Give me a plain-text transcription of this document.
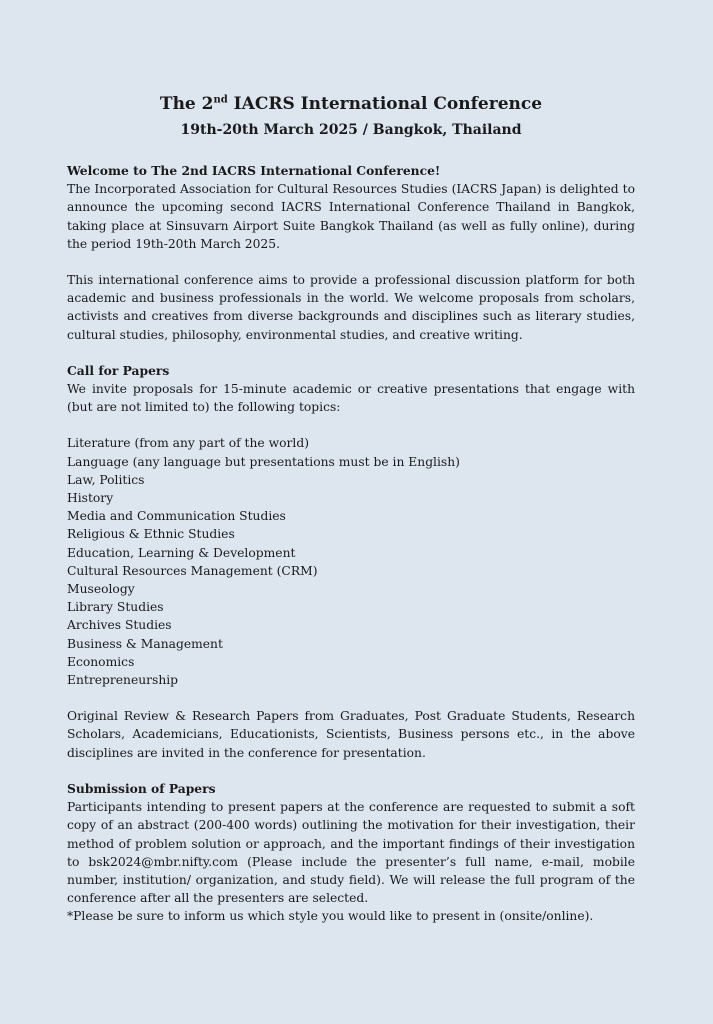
The 2nd IACRS International Conference

19th-20th March 2025 / Bangkok, Thailand

Welcome to The 2nd IACRS International Conference!

The Incorporated Association for Cultural Resources Studies (IACRS Japan) is delighted to announce the upcoming second IACRS International Conference Thailand in Bangkok, taking place at Sinsuvarn Airport Suite Bangkok Thailand (as well as fully online), during the period 19th-20th March 2025.

This international conference aims to provide a professional discussion platform for both academic and business professionals in the world. We welcome proposals from scholars, activists and creatives from diverse backgrounds and disciplines such as literary studies, cultural studies, philosophy, environmental studies, and creative writing.

Call for Papers

We invite proposals for 15-minute academic or creative presentations that engage with (but are not limited to) the following topics:

Literature (from any part of the world)
Language (any language but presentations must be in English)
Law, Politics
History
Media and Communication Studies
Religious & Ethnic Studies
Education, Learning & Development
Cultural Resources Management (CRM)
Museology
Library Studies
Archives Studies
Business & Management
Economics
Entrepreneurship

Original Review & Research Papers from Graduates, Post Graduate Students, Research Scholars, Academicians, Educationists, Scientists, Business persons etc., in the above disciplines are invited in the conference for presentation.

Submission of Papers

Participants intending to present papers at the conference are requested to submit a soft copy of an abstract (200-400 words) outlining the motivation for their investigation, their method of problem solution or approach, and the important findings of their investigation to bsk2024@mbr.nifty.com (Please include the presenter’s full name, e-mail, mobile number, institution/ organization, and study field). We will release the full program of the conference after all the presenters are selected.

*Please be sure to inform us which style you would like to present in (onsite/online).
